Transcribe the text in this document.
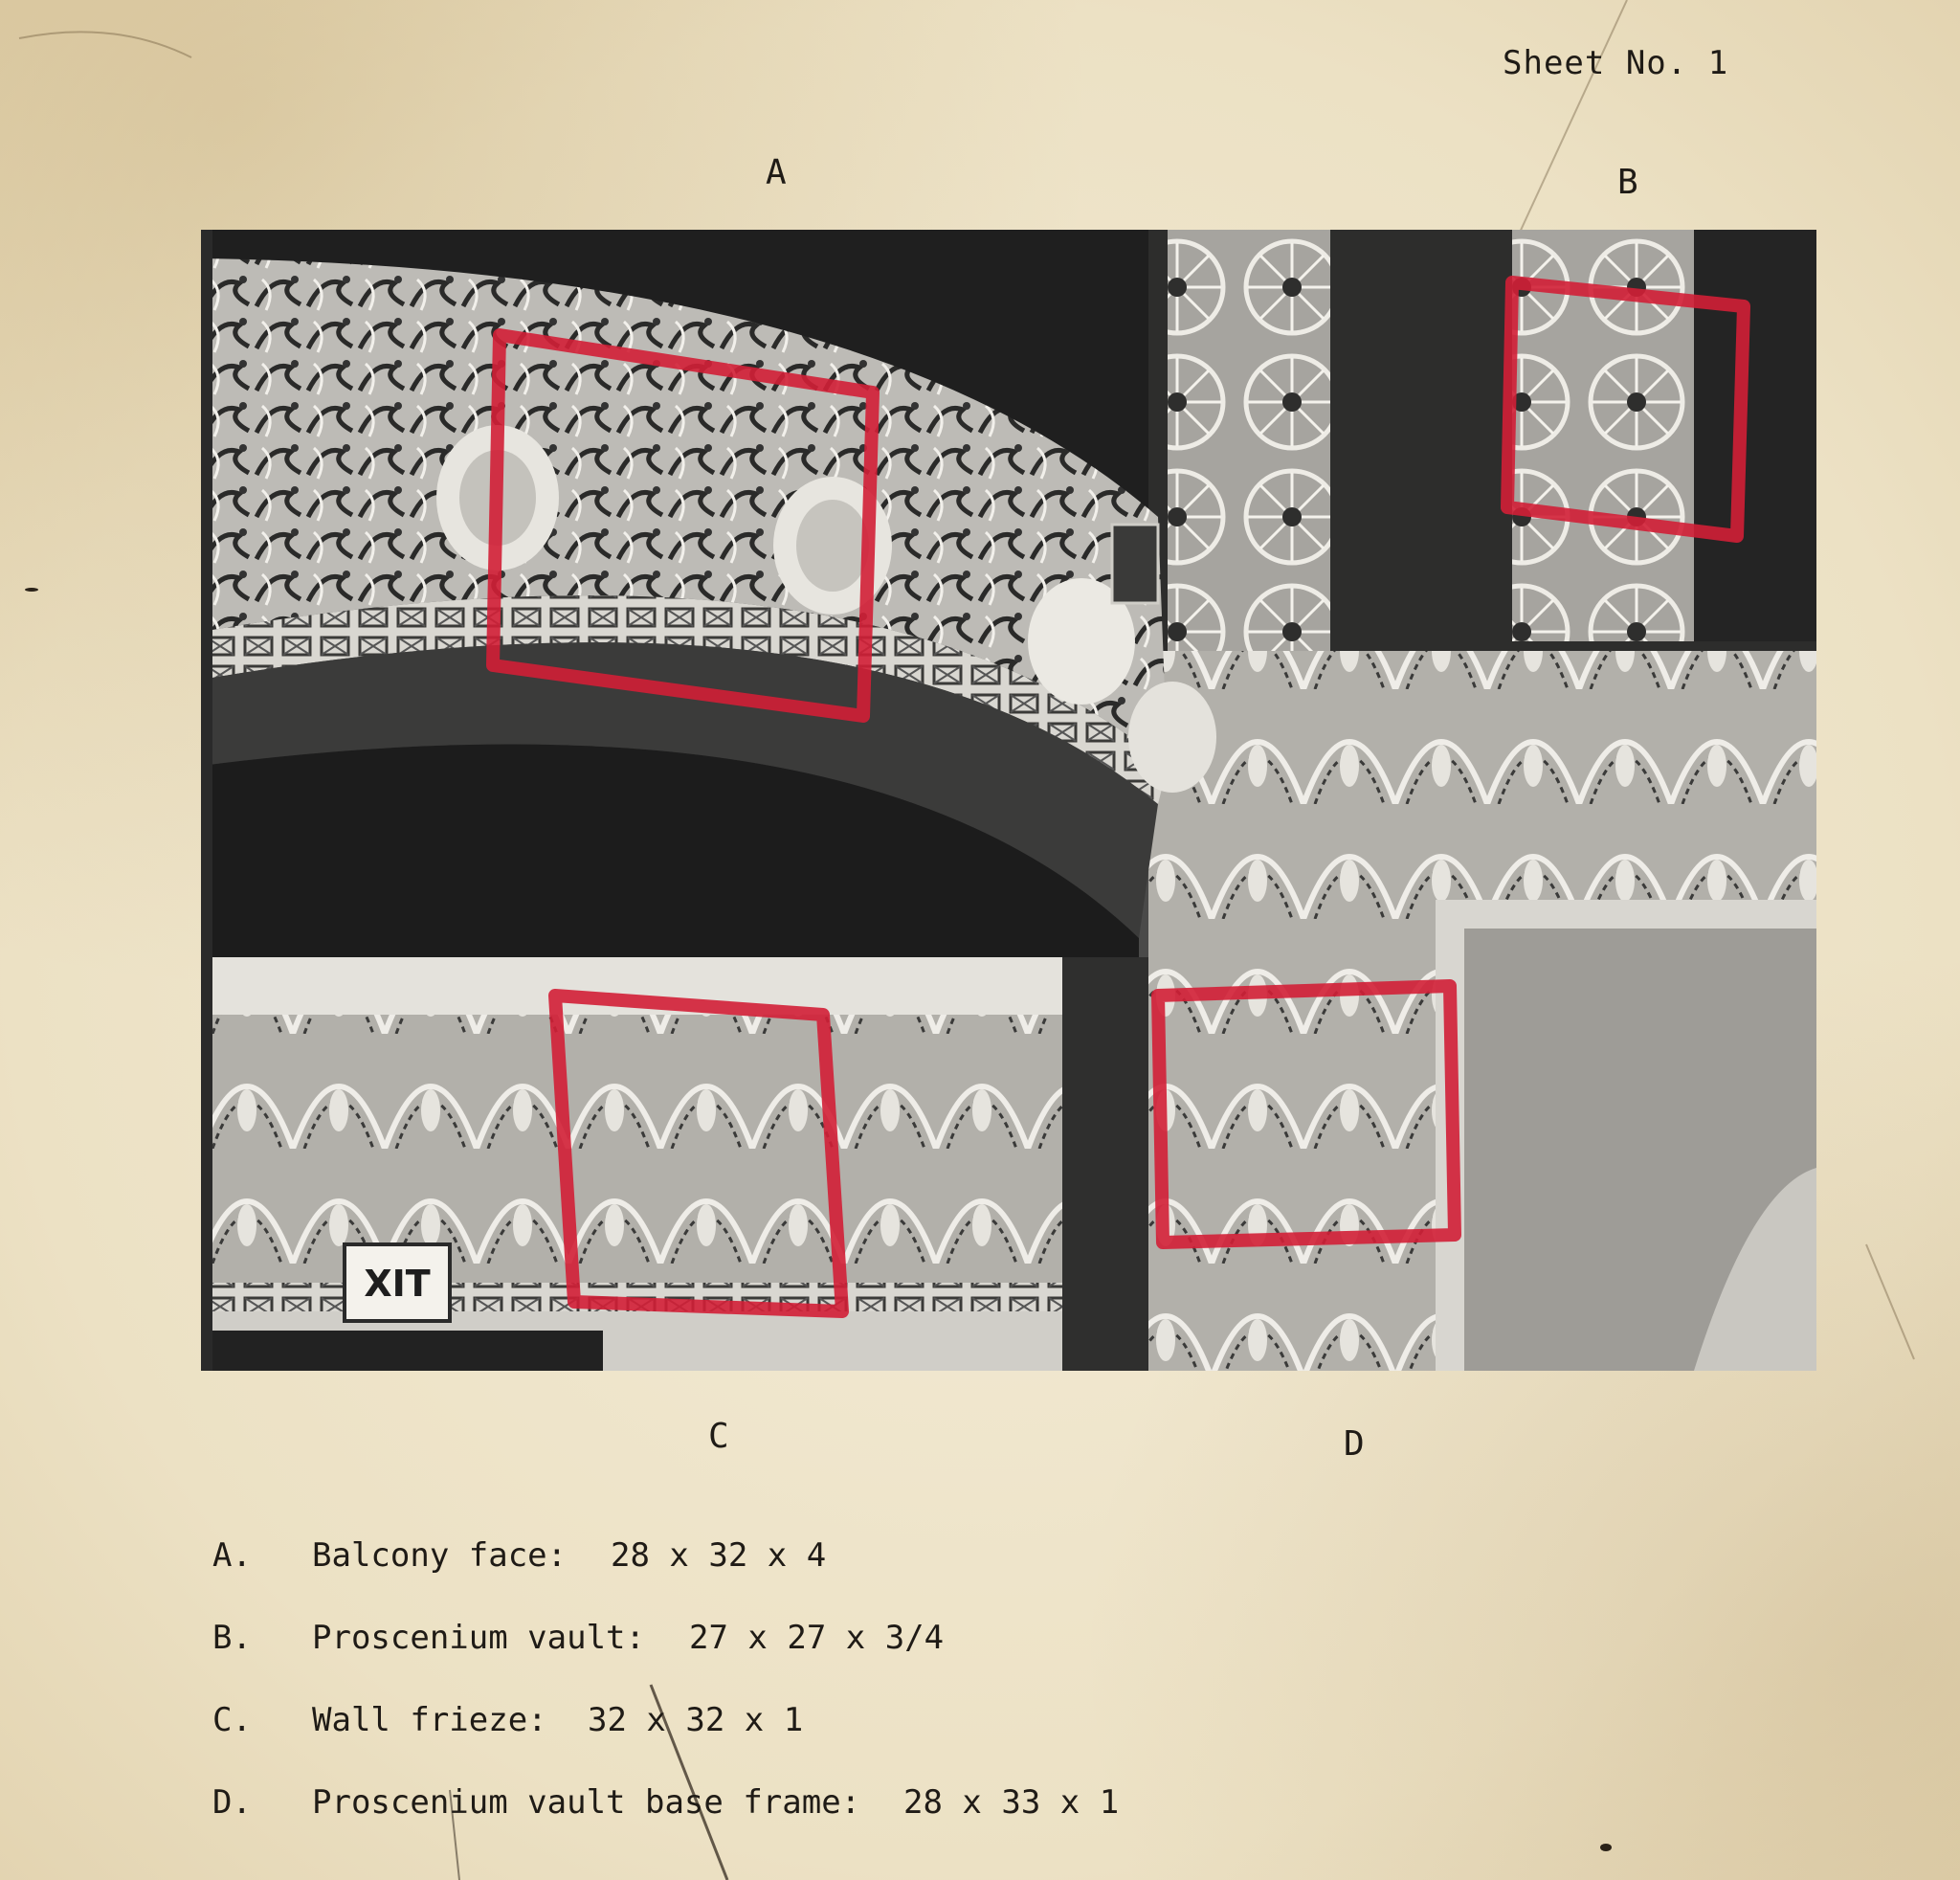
Sheet No. 1
A	B
C	D
XIT
A. Balcony face: 28 x 32 x 4
B. Proscenium vault: 27 x 27 x 3/4
C. Wall frieze: 32 x 32 x 1
D. Proscenium vault base frame: 28 x 33 x 1
